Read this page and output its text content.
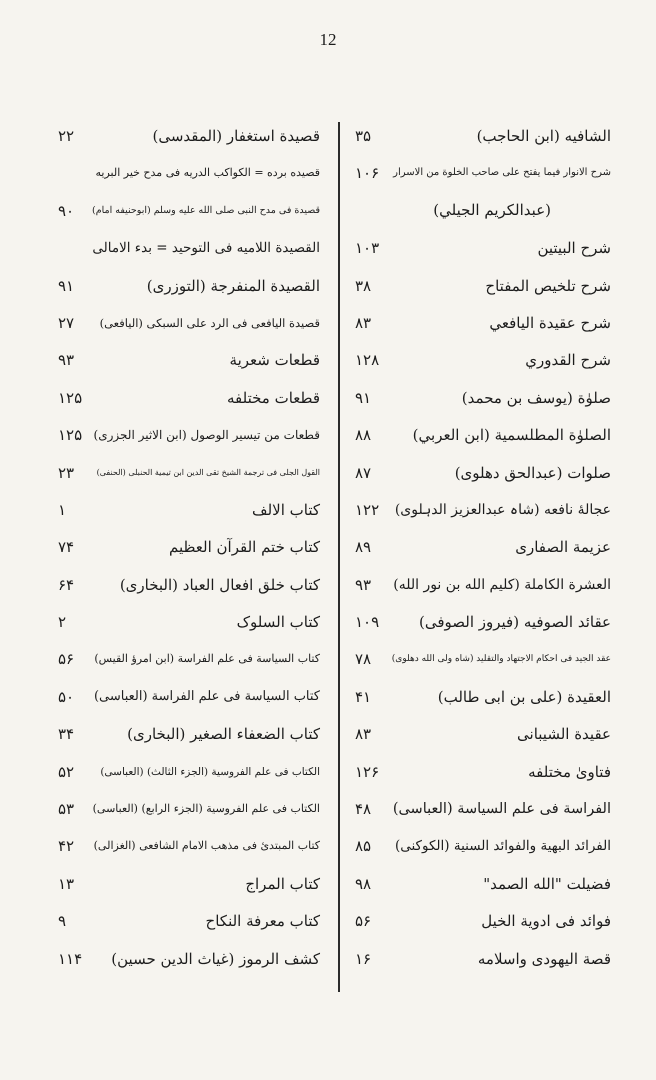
12
الشافيه (ابن الحاجب)
۳۵
شرح الانوار فيما يفتح على صاحب الخلوة من الاسرار
۱۰۶
(عبدالكريم الجيلي)
شرح البيتين
۱۰۳
شرح تلخيص المفتاح
۳۸
شرح عقيدة اليافعي
۸۳
شرح القدوري
۱۲۸
صلوٰة (يوسف بن محمد)
۹۱
الصلوٰة المطلسمية (ابن العربي)
۸۸
صلوات (عبدالحق دهلوی)
۸۷
عجالهٔ نافعه (شاہ عبدالعزیز الدہلوی)
۱۲۲
عزيمة الصفاری
۸۹
العشرة الکاملة (کليم الله بن نور الله)
۹۳
عقائد الصوفيه (فيروز الصوفی)
۱۰۹
عقد الجيد فی احکام الاجتهاد والتقليد (شاه ولی الله دهلوی)
۷۸
العقيدة (علی بن ابی طالب)
۴۱
عقيدة الشيبانی
۸۳
فتاویٰ مختلفه
۱۲۶
الفراسة فی علم السياسة (العباسی)
۴۸
الفرائد البهية والفوائد السنية (الکوکنی)
۸۵
فضيلت "الله الصمد"
۹۸
فوائد فی ادوية الخيل
۵۶
قصة اليهودی واسلامه
۱۶
قصيدة استغفار (المقدسی)
۲۲
قصيده برده = الکواکب الدريه فی مدح خير البريه
قصيدة فی مدح النبی صلی الله عليه وسلم (ابوحنيفه امام)
۹۰
القصيدة اللاميه فی التوحيد = بدء الامالی
القصيدة المنفرجة (التوزری)
۹۱
قصيدة اليافعی فی الرد علی السبکی (اليافعی)
۲۷
قطعات شعرية
۹۳
قطعات مختلفه
۱۲۵
قطعات من تيسير الوصول (ابن الاثير الجزری)
۱۲۵
القول الجلی فی ترجمة الشيخ تقی الدين ابن تيمية الحنبلی (الحنفی)
۲۳
کتاب الالف
۱
کتاب ختم القرآن العظيم
۷۴
کتاب خلق افعال العباد (البخاری)
۶۴
کتاب السلوک
۲
کتاب السياسة فی علم الفراسة (ابن امرؤ القيس)
۵۶
کتاب السياسة فی علم الفراسة (العباسی)
۵۰
کتاب الضعفاء الصغير (البخاری)
۳۴
الکتاب فی علم الفروسية (الجزء الثالث) (العباسی)
۵۲
الکتاب فی علم الفروسية (الجزء الرابع) (العباسی)
۵۳
کتاب المبتدئ فی مذهب الامام الشافعی (الغزالی)
۴۲
کتاب المراج
۱۳
کتاب معرفة النکاح
۹
کشف الرموز (غياث الدين حسين)
۱۱۴
